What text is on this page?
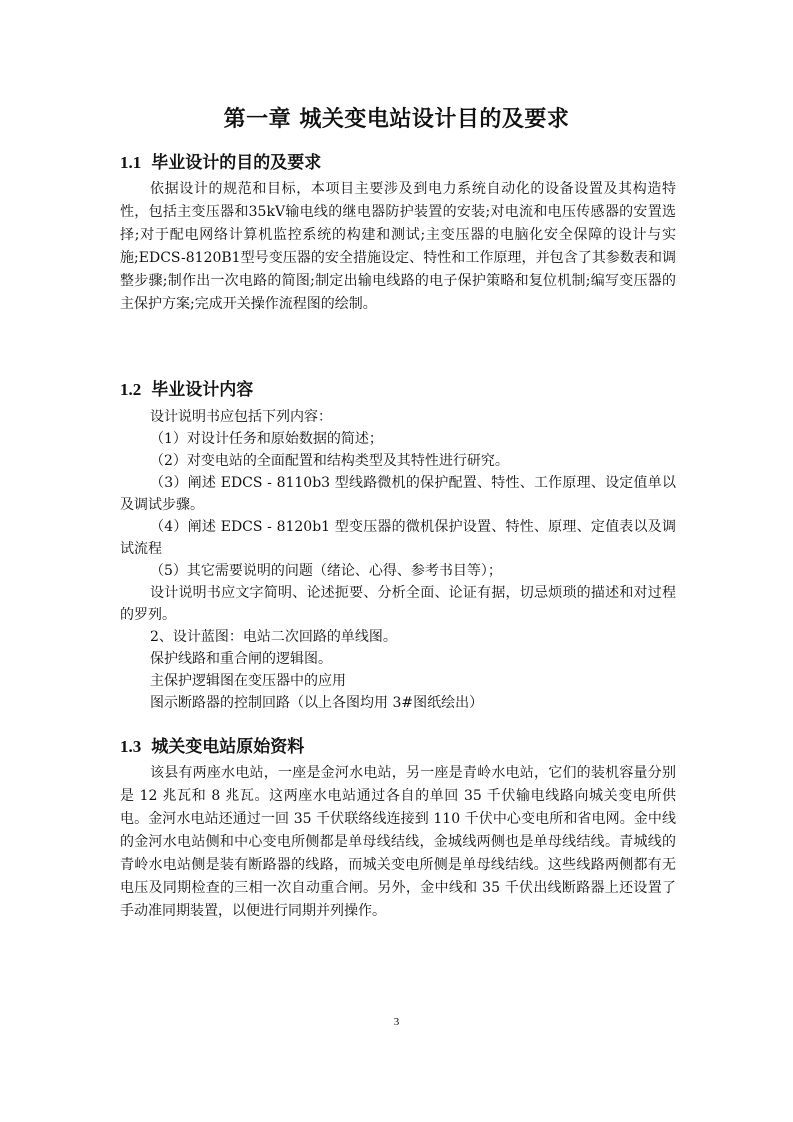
第一章 城关变电站设计目的及要求
1.1 毕业设计的目的及要求

依据设计的规范和目标，本项目主要涉及到电力系统自动化的设备设置及其构造特性，包括主变压器和35kV输电线的继电器防护装置的安装;对电流和电压传感器的安置选择;对于配电网络计算机监控系统的构建和测试;主变压器的电脑化安全保障的设计与实施;EDCS-8120B1型号变压器的安全措施设定、特性和工作原理，并包含了其参数表和调整步骤;制作出一次电路的简图;制定出输电线路的电子保护策略和复位机制;编写变压器的主保护方案;完成开关操作流程图的绘制。

1.2 毕业设计内容

设计说明书应包括下列内容：

（1）对设计任务和原始数据的简述；

（2）对变电站的全面配置和结构类型及其特性进行研究。

（3）阐述 EDCS - 8110b3 型线路微机的保护配置、特性、工作原理、设定值单以及调试步骤。

（4）阐述 EDCS - 8120b1 型变压器的微机保护设置、特性、原理、定值表以及调试流程

（5）其它需要说明的问题（绪论、心得、参考书目等）；

设计说明书应文字简明、论述扼要、分析全面、论证有据，切忌烦琐的描述和对过程的罗列。

2、设计蓝图：电站二次回路的单线图。

保护线路和重合闸的逻辑图。

主保护逻辑图在变压器中的应用

图示断路器的控制回路（以上各图均用 3#图纸绘出）

1.3 城关变电站原始资料

该县有两座水电站，一座是金河水电站，另一座是青岭水电站，它们的装机容量分别是 12 兆瓦和 8 兆瓦。这两座水电站通过各自的单回 35 千伏输电线路向城关变电所供电。金河水电站还通过一回 35 千伏联络线连接到 110 千伏中心变电所和省电网。金中线的金河水电站侧和中心变电所侧都是单母线结线，金城线两侧也是单母线结线。青城线的青岭水电站侧是装有断路器的线路，而城关变电所侧是单母线结线。这些线路两侧都有无电压及同期检查的三相一次自动重合闸。另外，金中线和 35 千伏出线断路器上还设置了手动准同期装置，以便进行同期并列操作。

3
